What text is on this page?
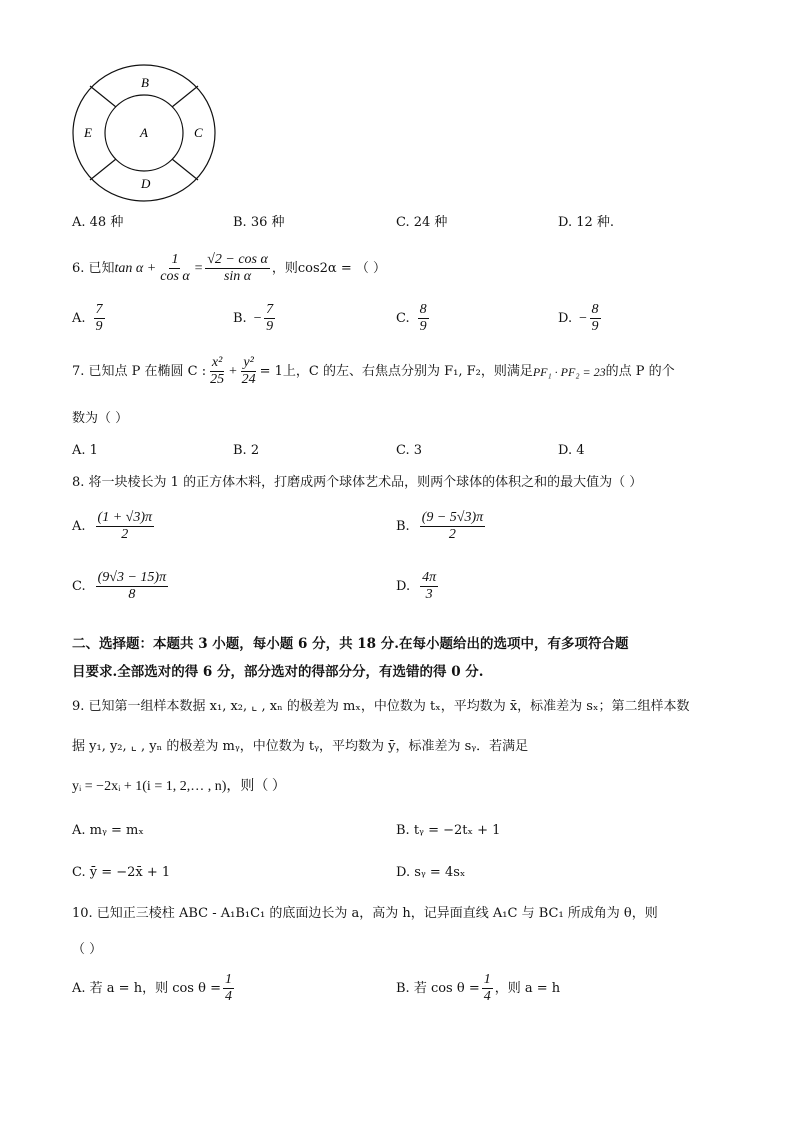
B
A
E	C
D
A. 48 种	B. 36 种	C. 24 种	D. 12 种.
6. 已知 $\tan \alpha + \frac{1}{\text{cos α}} = \frac{\text{√2 − cos α}}{\text{sin α}}$ ，则cos2α = （ ）
A. $\frac{7}{9}$	B. − $\frac{7}{9}$	C. $\frac{8}{9}$	D. − $\frac{8}{9}$
7. 已知点 P 在椭圆 C : $\frac{\text{x²}}{25} + \frac{\text{y²}}{24} = 1$上，C 的左、右焦点分别为 F₁, F₂，则满足 PF₁ · PF₂ = 23 的点 P 的个
数为（ ）
A. 1	B. 2	C. 3	D. 4
8. 将一块棱长为 1 的正方体木料，打磨成两个球体艺术品，则两个球体的体积之和的最大值为（ ）
A. $\frac{(1 + √3)\pi}{2}$	B. $\frac{(9 - 5√3)\pi}{2}$
C. $\frac{(9√3 - 15)\pi}{8}$	D. $\frac{4\pi}{3}$
二、选择题：本题共 3 小题，每小题 6 分，共 18 分.在每小题给出的选项中，有多项符合题
目要求.全部选对的得 6 分，部分选对的得部分分，有选错的得 0 分.
9. 已知第一组样本数据 x₁, x₂, ⌞ , xₙ 的极差为 mₓ，中位数为 tₓ，平均数为 x̄，标准差为 sₓ；第二组样本数
据 y₁, y₂, ⌞ , yₙ 的极差为 mᵧ，中位数为 tᵧ，平均数为 ȳ，标准差为 sᵧ．若满足
yᵢ = −2xᵢ + 1(i = 1, 2,… , n)，则（ ）
A. mᵧ = mₓ	B. tᵧ = −2tₓ + 1
C. ȳ = −2x̄ + 1	D. sᵧ = 4sₓ
10. 已知正三棱柱 ABC - A₁B₁C₁ 的底面边长为 a，高为 h，记异面直线 A₁C 与 BC₁ 所成角为 θ，则
（ ）
A. 若 a = h，则 $\cos \theta = \frac{1}{4}$	B. 若 $\cos \theta = \frac{1}{4}$ ，则 a = h
